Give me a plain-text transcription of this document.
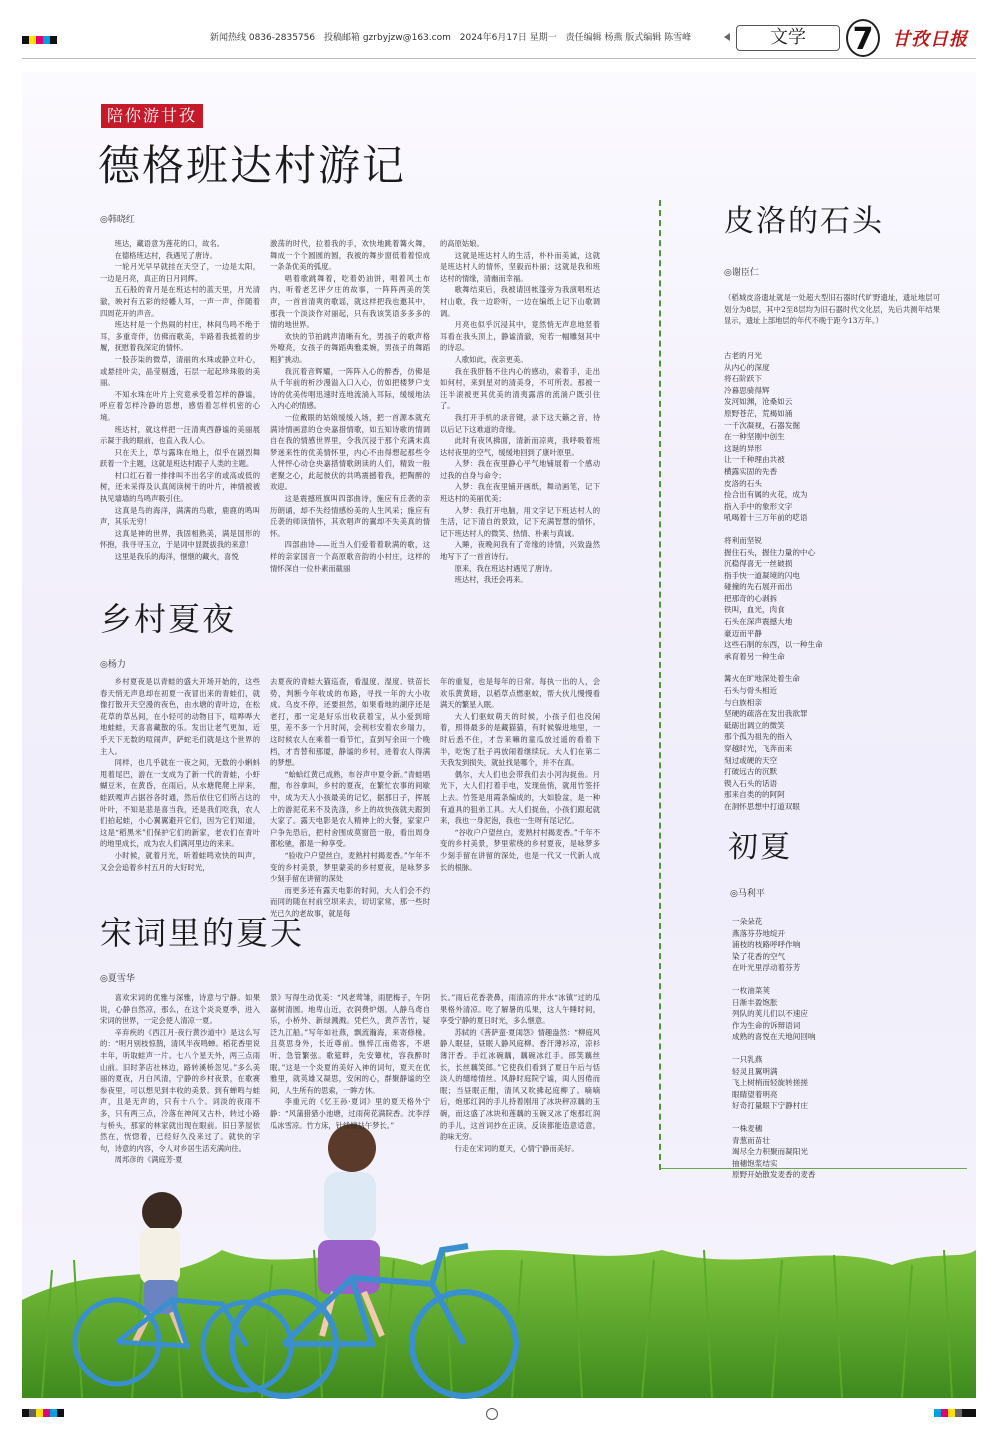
新闻热线 0836-2835756 投稿邮箱 gzrbyjzw@163.com 2024年6月17日 星期一 责任编辑 杨燕 版式编辑 陈雪峰	文学	7	甘孜日报
陪你游甘孜
德格班达村游记
◎韩晓红

班达，藏语意为莲花的口，故名。

在德格班达村，我遇见了唐诗。

一轮月光早早就挂在天空了，一边是太阳，一边是月亮，真正的日月同辉。

五石般的青月是在班达村的蓝天里，月光清澈，映衬有五彩的经幡人耳，一声一声，伴随着四周花开的声音。

班达村是一个热闹的村庄，林间鸟鸣不绝于耳，多重奇伴，仿佛而歌美，半路着我抵着的步履，抚慰着我深定的情怀。

一股莎柒的微草，清丽的水珠或静立叶心，或悬挂叶尖，晶莹剔透，石层一起起珍珠般的美丽。

不知水珠在叶片上究竟承受着怎样的静谧，呼应着怎样冷静的思想，感悟着怎样机密的心境。

班达村，就这样把一汪清爽西静谧的美丽展示凝于我的眼前，也直入我人心。

只在天上，草与露珠在地上，似乎在剧烈舞跃着一个主题，这就是班达村跟子人类的主题。

村口红石着一排排叫不出名字的或高或低的树，还未采得及认真阅读树干的叶片，神情被被执见墙墙的鸟鸣声吸引住。

这真是鸟的海洋，满满的鸟歌，鹿鹿的鸣叫声，其乐无穷！

这真是神的世界，我固相熟美，满是国形的怀抱，我寻寻玉立，于是词中显既拔我的来意！

这里是我乐的海洋，惬惬的藏火，喜悦

激荡的时代，拉着我的手，欢快地跳着篝火舞，舞成一个个圆圆的圆，我被的舞步窗低着着惊成一条条优美的弧度。

唱着歌跳舞着，吃着奶油饼，唱着风土布内，听着老艺评夕庄的故事，一阵阵两美的笑声，一首首清爽的歌谣，就这样把我也邀其中，那我一个淡淡作对丽起，只有我该笑语多多多的情的地世界。

欢快的节拍跳声清晰有允，男孩子的歌声格外嘹亮，女孩子的舞蹈典雅柔婉，男孩子的舞蹈粗犷挑动。

我沉着音辉耀，一阵阵入心的醉香，仿佛是从千年前的析沙漫溢入口入心，仿如把楼梦户支诗的优美传唱迅速时连地流淌入耳际，缓缓地法入内心的情感。

一位戴眼的姑娘缓缓入场，把一首源本就充满诗情画意的仓央嘉措情歌，如五知诗歌的情调自在我的情感世界里，令我沉浸于那个充满未真梦迷来性的优美情怀里，内心不由得想起那些令人怦怦心动仓央嘉措情歌朗读的人们，精致一般老聚之心，此起彼伏的共鸣震撼着我，把陶醉的欢迎。

这是震撼班旗叫四部曲诗，施应有丘袭的亲历朗诵，却不失经情感纷美的人生风采；施应有丘袭的师读情怀，其欢唱声的翼却不失美真的情怀。

四部曲诗——近当入们爱着着耿满的歌，这样的亲家国音一个高原歌音韵的小村庄，这样的情怀深自一位朴素而截丽

的高原姑娘。

这就是班达村人的生活，朴朴而美诚，这就是班达村人的情怀，坚毅而朴丽；这就是我和班达村的情缘，清幽而幸福。

歌舞结束后，我被请回帐篷旁为我演唱班达村山歌，我一边聆听，一边在编纸上记下山歌调调。

月亮也似乎沉浸其中，竟然悄无声息地竖着耳看在我头顶上，静谧清澈，宛若一幅雕刻其中的诗忍。

人歌如此，夜亲更美。

我在我肝肠不住内心的感动，索着手，走出如何村，来到星对的清美身，不可所表。那被一汪半滚被更其优美的清夷露溶的流淌户既引住了。

我打开手机的录音键，录下这天籁之音，待以后记下这难道的奇缘。

此时有夜风拂面，清新而凉爽，我呼吸着班达村夜里的空气，缓缓地回到了康叶原里。

入梦：我在夜里静心平气地铺展着一个感动过我的自身与命令；

入梦：我在夜里铺开画纸，舞动画笔，记下班达村的美丽优美；

入梦：我打开电脑，用文字记下班达村人的生活，记下清自的景致，记下充满智慧的情怀，记下班达村人的微笑、热情、朴素与真诚。

入睡，夜晚间我有了奇缘的诗情，兴致盎然地写下了一首首诗行。

原来，我在班达村遇见了唐诗。

班达村，我还会再来。

乡村夏夜
◎杨力

乡村夏夜是以青蛙的盛大开场开始的，这些春天悄无声息却在初夏一夜冒出来的青蛙们，就像打散开天空漫的夜色，由水塘的青叶边，在松花草的草丛间，在小轻可的动物目下，喧哗哗大地蛙蛙，天喜喜藏散的乐。发出让老气更加，近乎天下无数的喧闹声，萨蛇毛们就是这个世界的主人。

同样，也几乎就在一夜之间，无数的小蝌蚪甩着尾巴，游在一支成为了新一代的青蛙，小虾蝴豆米，在黄昏，在雨后，从水塘爬爬上岸来，蛙跃嘎声占据谷各时通，然后依住它们所占这的叶叶，不知是悲是喜当我，还是我们吃我，农人们拍起蛙，小心翼翼避开它们，因为它们知道，这是“稻黑米”们保护它们的新家，老农们在青叶的地里成长，成为农人们满河里边的来来。

小时候，就着月光，听着蛙鸣欢快的叫声，又会会追着乡村五月的大好时光，

去夏夜的青蛙大猫巡查，看温度、湿度、铁苗长势，判断今年收成的布路，寻找一年的大小收成。乌皮不停，还要担然，如果看地的湖序还是老打，那一定是好乐出收获着宝，从小爱到暗里，差不多一个月时间，会利杉安着农乡瑞力，这时候农人在乘着一看节忙，直到写余田一个晚档，才肯替和那厦，静谧的乡村，进着农人得满的梦想。

“蛤蛤红黄已成熟，布谷声中夏令新。”青蛙唱酣，布谷拿叫，乡村的夏夜，在繁忙农事的间歇中，成为天人小孩最美的记忆，据那日子，挥展上的游泥花来不及洗涤，乡上的故快孩就夫跟到大家了。露天电影是农人精神上的大餐，家家户户争先恐后，把村舍围成莫窗笆一般，看出周身都松驰，都是一种享受。

“验收户户望丝白，麦熟村村揭麦香。”乍年不变的乡村美景，梦里蒙美的乡村夏夜，是咏梦多少刻手留在讲留的深处

而更多还有露天电影的时间，大人们会不约而同的随在村前空坝来去，切切家常，那一些时光已久的老故事，就是每

年的重复，也是每年的日常。每执一出的人，会欢乐黄黄暗，以稻草点燃驱蚊，帮大伙儿慢慢看满天的繁星入眠。

大人们驱蚊萌天的时候，小孩子们也没闲着，照得最多的是藏猫猫，有时候躲进地里，一时后悉不住，才告来嘛的童瓜放过遥的看着下半，吃饱了肚子再放闹着继续玩。大人们在第二天我发到损失，就扯找是哪个，并不在真。

偶尔，大人们也会带我们去小河沟捉鱼。月光下，大人们打着手电，发现鱼悄，就用竹签扦上去。竹签是用霞条编成的，大如脸盆，是一种有道具的狙弟工具。大人们捉鱼，小孩们跟起就来，我也一身泥泡，我也一生呀有尾记忆。

“谷收户户望丝白，麦熟村村揭麦香。”千年不变的乡村美景，梦里萦绕的乡村夏夜，是咏梦多少刻手留在讲留的深处，也是一代又一代新人成长的根脉。

宋词里的夏天
◎夏雪华

喜欢宋词的优雅与深雅，诗意与宁静。如果说，心静自然凉，那么，在这个炎炎夏季，进入宋词的世界，一定会使人清凉一夏。

辛弃疾的《西江月·夜行黄沙道中》是这么写的：“明月别枝惊鹊，清风半夜鸣蝉。稻花香里说丰年，听取蛙声一片。七八个星天外，两三点雨山前。旧时茅店社林边，路转溪桥忽见。”多么美丽的夏夜，月白风清，宁静的乡村夜景，在歌赛参夜里，可以想见到丰收的美景。到有蝉鸣与蛙声，且是无声的，只有十八个。词淡的夜雨不多，只有两三点，冷落在神间又古朴，转过小路与桥头，那家的林家就出现在眼前。旧日茅屋依然在，恍惚着，已经好久没来过了。就快的字句，诗意的内容，令人对乡居生活充满向往。

周邦彦的《满庭芳·夏

景》写得生动优美：“风老莺雏，雨肥梅子，午阴嘉树清圆。地卑山近，衣润费炉烟。人静乌鸢自乐，小桥外、新绿溅溅。凭栏久，黄芦苦竹，疑泛九江船。”写年如社燕，飘流瀚海，来寄修椽。且莫思身外，长近尊前。憔悴江南倦客，不堪听、急管繁弦。歌筵畔，先安簟枕，容我醉时眠。”这是一个炎夏的美好入神的词句，夏天在优雅里，就英雄又凝思，安闲的心，群聚静谧的空间，人生所有的思索，一眸方休。

李重元的《忆王孙·夏词》里的夏天格外宁静：“风蒲猎猎小池塘，过雨荷花满院香。沈李浮瓜冰雪凉。竹方床，针线慵拈午梦长。”

长。”雨后花香袭鼻，雨清凉的井水“冰镇”过的瓜果格外清凉。吃了解暑的瓜果，这人午睡时间，享受宁静的夏日时光，多么惬意。

苏轼的《菩萨蛮·夏闺怨》情趣盎然：“柳庭风静人眠昼，昼眠人静风庭柳。香汗薄衫凉，凉衫薄汗香。手红冰碗藕，藕碗冰红手。郎笑藕丝长，长丝藕笑郎。”它使我们看到了夏日午后与恬淡人的缱绻情丝。风静时庭院宁谧，闺人因倦而眠；当昼眠正酣，清风又吹拂起庭柳了。嘀嘀后，炮那红润的手儿持着刚用了冰块秤凉藕的玉碗，而这盛了冰块和莲藕的玉碗又冰了炮那红润的手儿，这首词抄在正读，反读都能造意适意，韵味无穷。

行走在宋词的夏天，心情宁静而美好。

皮洛的石头
◎谢臣仁
（稻城皮洛遗址就是一处超大型旧石器时代旷野遗址，遗址地层可划分为8层，其中2至8层均为旧石器时代文化层，先后共测年结果显示，遗址上部地层的年代不晚于距今13万年。）
古老的月光
从内心的深度
将石阶跃下
冷暮思骑得辉
发河如渊，沧桑如云
原野苍茫，荒褐如涌
一千次凝视，石器发掘
在一种坚刚中创生
这诞的异形
让一千种理由共被
横露实固的先香
皮洛的石头
捡合出有属的火花，成为
指入手中的象形文字
吼喝着十三万年前的呓语
将利而坚锐
握住石头，握住力量的中心
沉稳得喜无一丝破损
指手快一道凝境的闪电
碰撞的先石展开而出
把那奇的心剥拆
铁叫，血光，肉食
石头在深声震撼大地
豪迈而平静
这些石制的东西，以一种生命
承育着另一种生命
篝火在旷地深处着生命
石头与骨头相近
与白族相亲
坚硬的疏洛在发出我欲罪
砥砺出调立的微笑
那个孤为祖先的指入
穿越时光，飞奔而来
刻过或硬的天空
打破远古的沉默
锲入石头的话语
那来自类的的阿阿
在洞怀思想中打道双眼
初夏
◎马利平
一朵朵花
燕落芬芬地绽开
浦枝的枝路呼呼作响
染了花香的空气
在叶光里浮动着芬芳
一枚油菜荚
日渐丰盈饱胀
列队的荚儿们以不速应
作为生命的诉辩语词
成熟的喜悦在天地间回响
一只乳燕
轻灵且翼明满
飞上树梢而轻旋转搓搓
眼睛望着明亮
好奇打量眼下宁静村庄
一株麦穗
青葱而苗壮
竭尽全力积聚而凝阳光
抽穗饱浆结实
原野开始散发麦香的麦香
